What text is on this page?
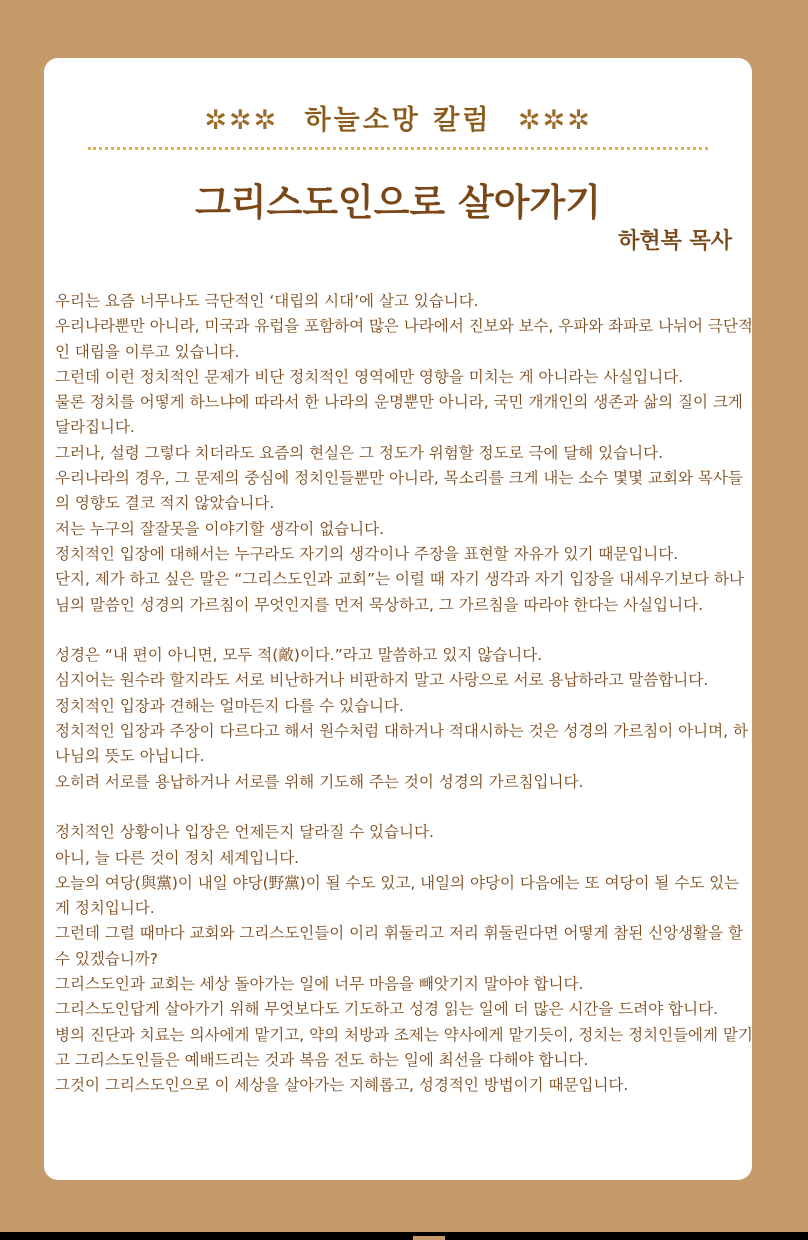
✲✲✲ 하늘소망 칼럼 ✲✲✲
그리스도인으로 살아가기
하현복 목사
우리는 요즘 너무나도 극단적인 ‘대립의 시대’에 살고 있습니다.
우리나라뿐만 아니라, 미국과 유럽을 포함하여 많은 나라에서 진보와 보수, 우파와 좌파로 나뉘어 극단적인 대립을 이루고 있습니다.
그런데 이런 정치적인 문제가 비단 정치적인 영역에만 영향을 미치는 게 아니라는 사실입니다.
물론 정치를 어떻게 하느냐에 따라서 한 나라의 운명뿐만 아니라, 국민 개개인의 생존과 삶의 질이 크게 달라집니다.
그러나, 설령 그렇다 치더라도 요즘의 현실은 그 정도가 위험할 정도로 극에 달해 있습니다.
우리나라의 경우, 그 문제의 중심에 정치인들뿐만 아니라, 목소리를 크게 내는 소수 몇몇 교회와 목사들의 영향도 결코 적지 않았습니다.
저는 누구의 잘잘못을 이야기할 생각이 없습니다.
정치적인 입장에 대해서는 누구라도 자기의 생각이나 주장을 표현할 자유가 있기 때문입니다.
단지, 제가 하고 싶은 말은 “그리스도인과 교회”는 이럴 때 자기 생각과 자기 입장을 내세우기보다 하나님의 말씀인 성경의 가르침이 무엇인지를 먼저 묵상하고, 그 가르침을 따라야 한다는 사실입니다.
성경은 “내 편이 아니면, 모두 적(敵)이다.”라고 말씀하고 있지 않습니다.
심지어는 원수라 할지라도 서로 비난하거나 비판하지 말고 사랑으로 서로 용납하라고 말씀합니다.
정치적인 입장과 견해는 얼마든지 다를 수 있습니다.
정치적인 입장과 주장이 다르다고 해서 원수처럼 대하거나 적대시하는 것은 성경의 가르침이 아니며, 하나님의 뜻도 아닙니다.
오히려 서로를 용납하거나 서로를 위해 기도해 주는 것이 성경의 가르침입니다.
정치적인 상황이나 입장은 언제든지 달라질 수 있습니다.
아니, 늘 다른 것이 정치 세계입니다.
오늘의 여당(與黨)이 내일 야당(野黨)이 될 수도 있고, 내일의 야당이 다음에는 또 여당이 될 수도 있는 게 정치입니다.
그런데 그럴 때마다 교회와 그리스도인들이 이리 휘둘리고 저리 휘둘린다면 어떻게 참된 신앙생활을 할 수 있겠습니까?
그리스도인과 교회는 세상 돌아가는 일에 너무 마음을 빼앗기지 말아야 합니다.
그리스도인답게 살아가기 위해 무엇보다도 기도하고 성경 읽는 일에 더 많은 시간을 드려야 합니다.
병의 진단과 치료는 의사에게 맡기고, 약의 처방과 조제는 약사에게 맡기듯이, 정치는 정치인들에게 맡기고 그리스도인들은 예배드리는 것과 복음 전도 하는 일에 최선을 다해야 합니다.
그것이 그리스도인으로 이 세상을 살아가는 지혜롭고, 성경적인 방법이기 때문입니다.
